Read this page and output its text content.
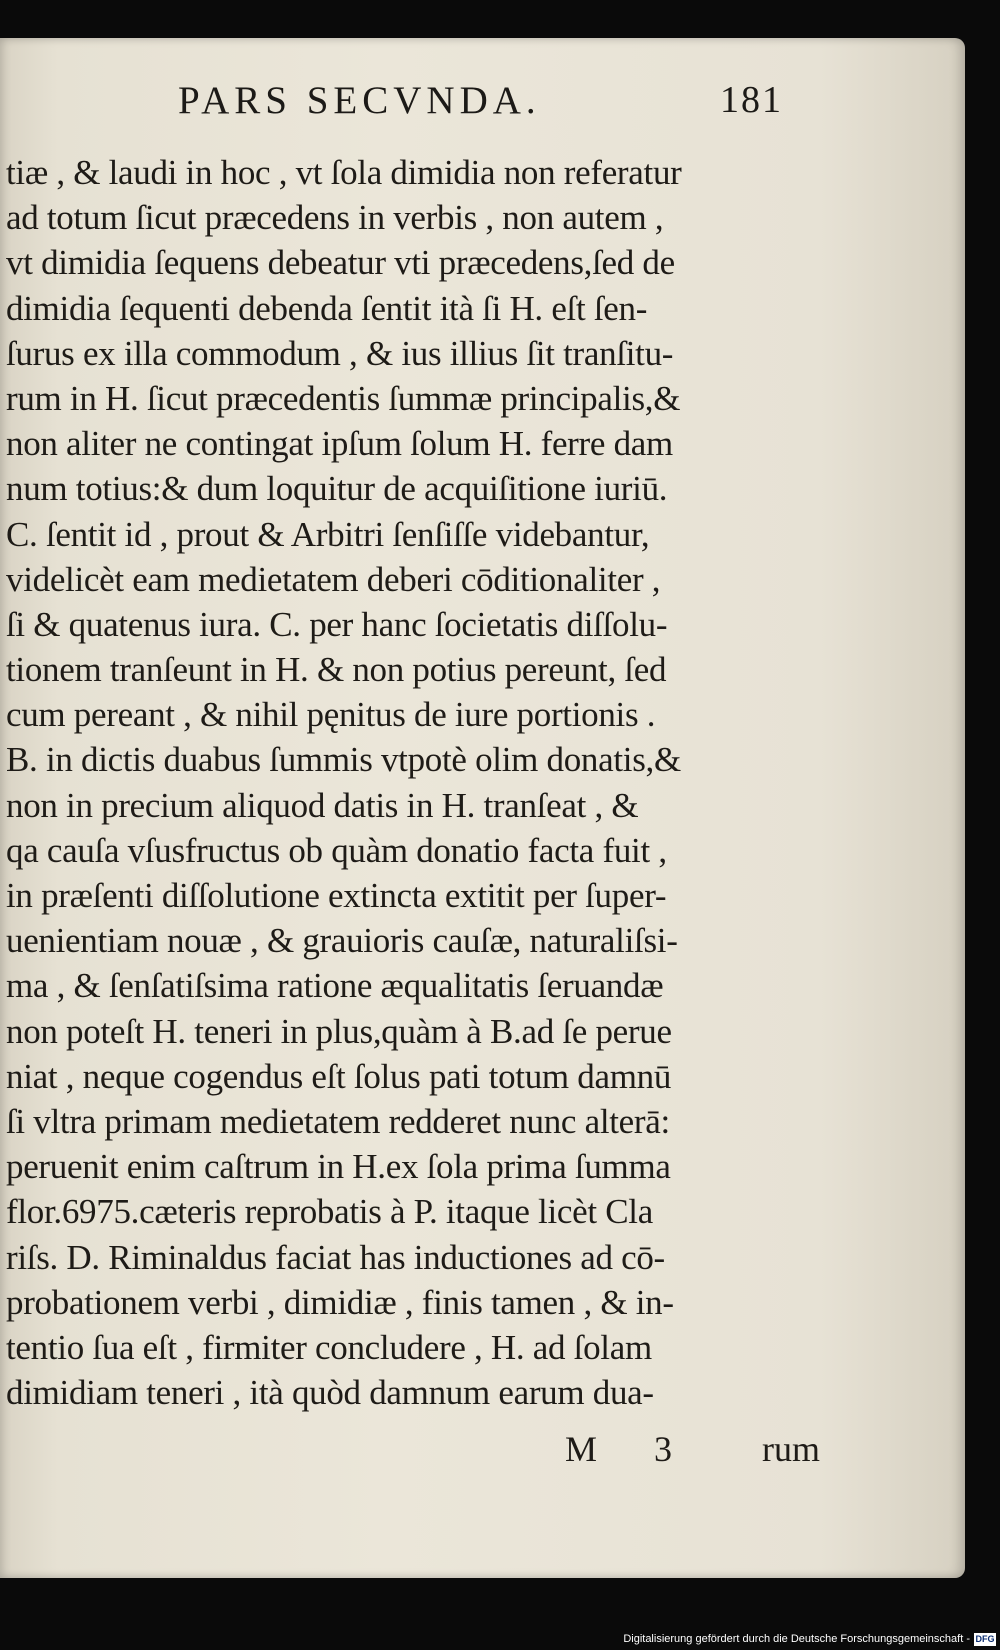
PARS SECVNDA.	181
tiæ , & laudi in hoc , vt ſola dimidia non referatur
ad totum ſicut præcedens in verbis , non autem ,
vt dimidia ſequens debeatur vti præcedens,ſed de
dimidia ſequenti debenda ſentit ità ſi H. eſt ſen-
ſurus ex illa commodum , & ius illius ſit tranſitu-
rum in H. ſicut præcedentis ſummæ principalis,&
non aliter ne contingat ipſum ſolum H. ferre dam
num totius:& dum loquitur de acquiſitione iuriū.
C. ſentit id , prout & Arbitri ſenſiſſe videbantur,
videlicèt eam medietatem deberi cōditionaliter ,
ſi & quatenus iura. C. per hanc ſocietatis diſſolu-
tionem tranſeunt in H. & non potius pereunt, ſed
cum pereant , & nihil pęnitus de iure portionis .
B. in dictis duabus ſummis vtpotè olim donatis,&
non in precium aliquod datis in H. tranſeat , &
qa cauſa vſusfructus ob quàm donatio facta fuit ,
in præſenti diſſolutione extincta extitit per ſuper-
uenientiam nouæ , & grauioris cauſæ, naturaliſsi-
ma , & ſenſatiſsima ratione æqualitatis ſeruandæ
non poteſt H. teneri in plus,quàm à B.ad ſe perue
niat , neque cogendus eſt ſolus pati totum damnū
ſi vltra primam medietatem redderet nunc alterā:
peruenit enim caſtrum in H.ex ſola prima ſumma
flor.6975.cæteris reprobatis à P. itaque licèt Cla
riſs. D. Riminaldus faciat has inductiones ad cō-
probationem verbi , dimidiæ , finis tamen , & in-
tentio ſua eſt , firmiter concludere , H. ad ſolam
dimidiam teneri , ità quòd damnum earum dua-
M 3 rum
Digitalisierung gefördert durch die Deutsche Forschungsgemeinschaft - DFG
